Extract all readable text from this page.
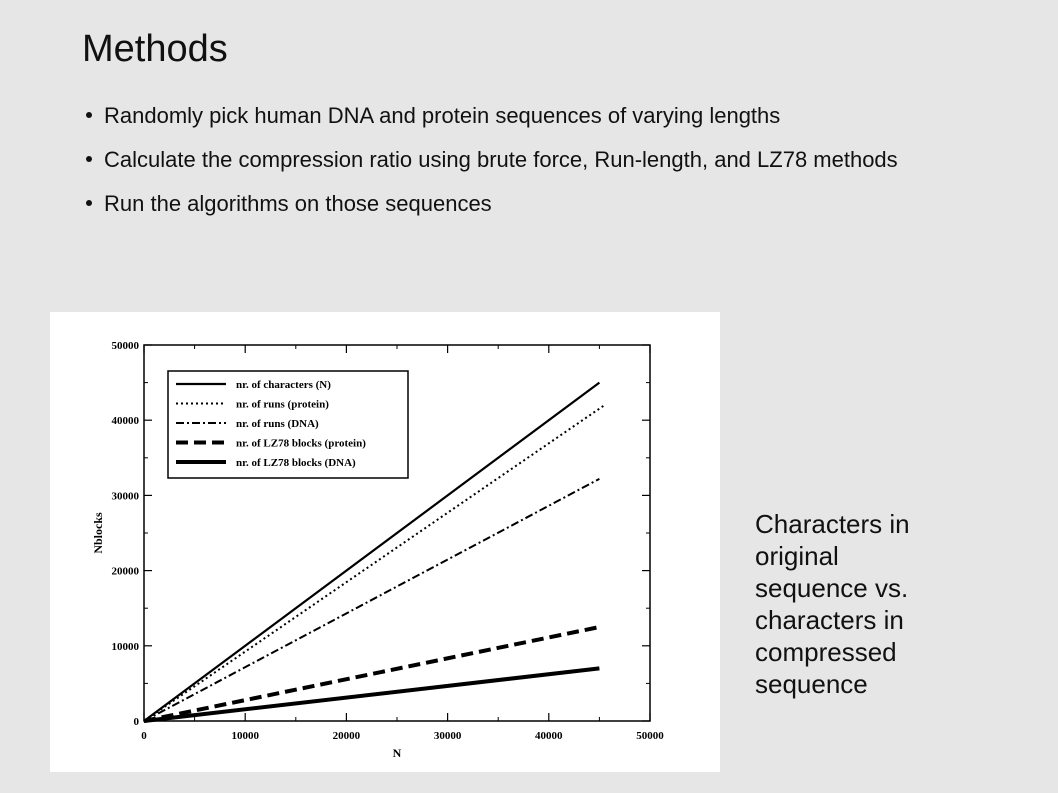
Methods
Randomly pick human DNA and protein sequences of varying lengths
Calculate the compression ratio using brute force, Run-length, and LZ78 methods
Run the algorithms on those sequences
0	10000	20000	30000	40000	50000
0
10000
20000
30000
40000
50000
N
Nblocks
nr. of characters (N)
nr. of runs (protein)
nr. of runs (DNA)
nr. of LZ78 blocks (protein)
nr. of LZ78 blocks (DNA)
Characters in
original
sequence vs.
characters in
compressed
sequence
